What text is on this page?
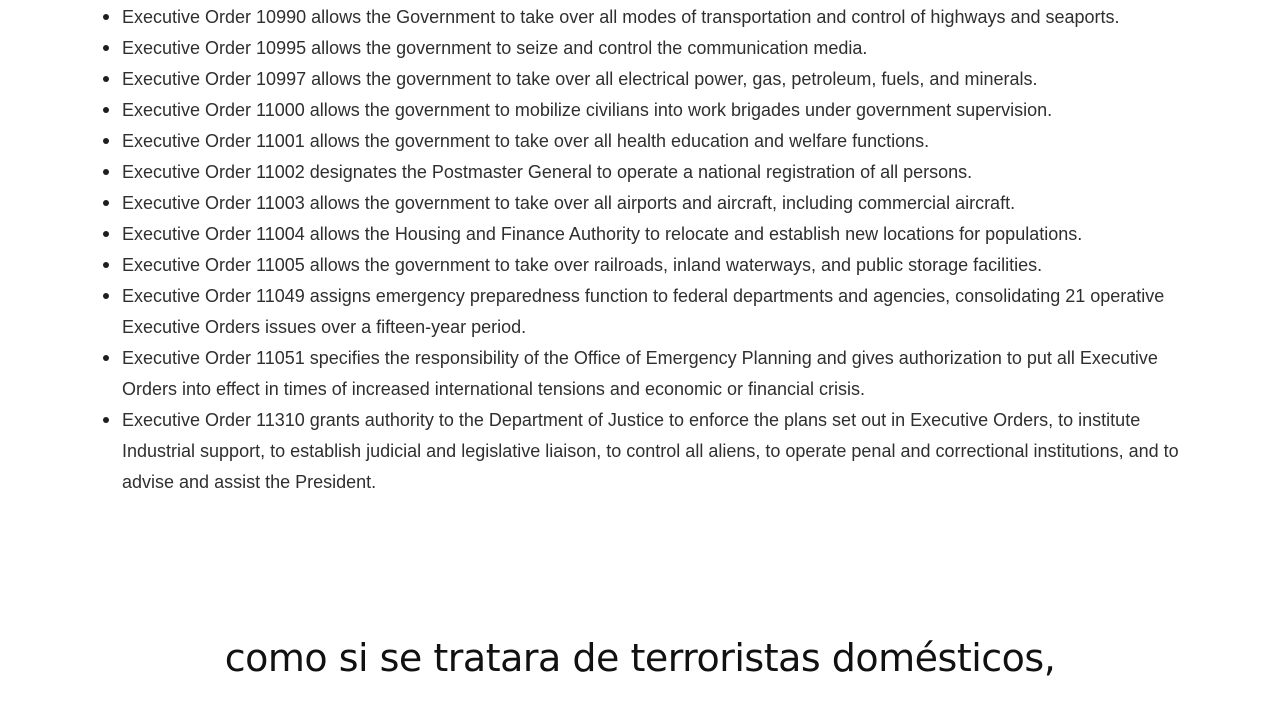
Executive Order 10990 allows the Government to take over all modes of transportation and control of highways and seaports.
Executive Order 10995 allows the government to seize and control the communication media.
Executive Order 10997 allows the government to take over all electrical power, gas, petroleum, fuels, and minerals.
Executive Order 11000 allows the government to mobilize civilians into work brigades under government supervision.
Executive Order 11001 allows the government to take over all health education and welfare functions.
Executive Order 11002 designates the Postmaster General to operate a national registration of all persons.
Executive Order 11003 allows the government to take over all airports and aircraft, including commercial aircraft.
Executive Order 11004 allows the Housing and Finance Authority to relocate and establish new locations for populations.
Executive Order 11005 allows the government to take over railroads, inland waterways, and public storage facilities.
Executive Order 11049 assigns emergency preparedness function to federal departments and agencies, consolidating 21 operative Executive Orders issues over a fifteen-year period.
Executive Order 11051 specifies the responsibility of the Office of Emergency Planning and gives authorization to put all Executive Orders into effect in times of increased international tensions and economic or financial crisis.
Executive Order 11310 grants authority to the Department of Justice to enforce the plans set out in Executive Orders, to institute Industrial support, to establish judicial and legislative liaison, to control all aliens, to operate penal and correctional institutions, and to advise and assist the President.
como si se tratara de terroristas domésticos,
